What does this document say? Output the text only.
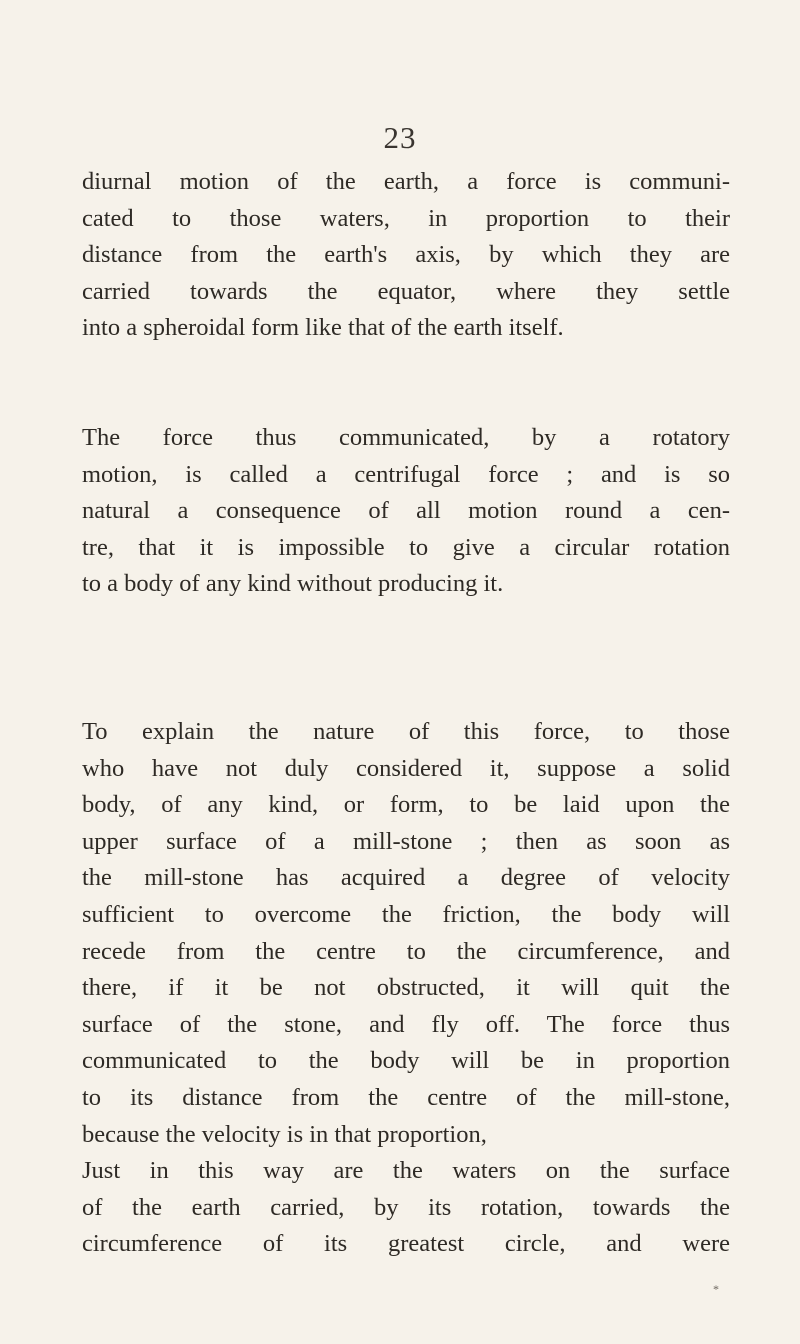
23
diurnal motion of the earth, a force is communi-
cated to those waters, in proportion to their
distance from the earth's axis, by which they are
carried towards the equator, where they settle
into a spheroidal form like that of the earth itself.
The force thus communicated, by a rotatory
motion, is called a centrifugal force ; and is so
natural a consequence of all motion round a cen-
tre, that it is impossible to give a circular rotation
to a body of any kind without producing it.
To explain the nature of this force, to those
who have not duly considered it, suppose a solid
body, of any kind, or form, to be laid upon the
upper surface of a mill-stone ; then as soon as
the mill-stone has acquired a degree of velocity
sufficient to overcome the friction, the body will
recede from the centre to the circumference, and
there, if it be not obstructed, it will quit the
surface of the stone, and fly off. The force thus
communicated to the body will be in proportion
to its distance from the centre of the mill-stone,
because the velocity is in that proportion,
Just in this way are the waters on the surface
of the earth carried, by its rotation, towards the
circumference of its greatest circle, and were
*
